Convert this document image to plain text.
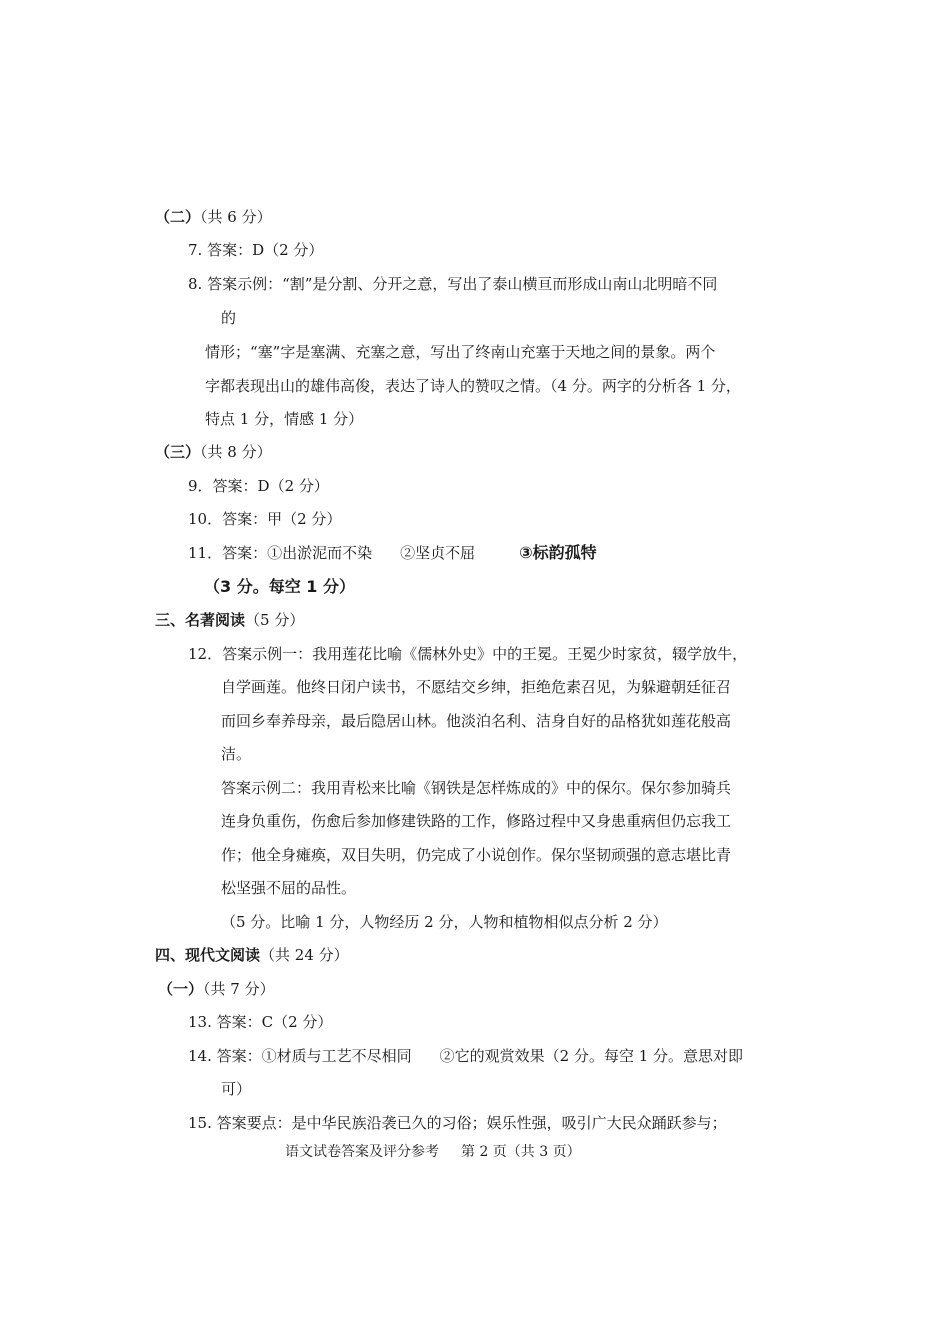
（二）（共 6 分）
7. 答案：D（2 分）
8. 答案示例：“割”是分割、分开之意，写出了泰山横亘而形成山南山北明暗不同
的
情形；“塞”字是塞满、充塞之意，写出了终南山充塞于天地之间的景象。两个
字都表现出山的雄伟高俊，表达了诗人的赞叹之情。（4 分。两字的分析各 1 分，
特点 1 分，情感 1 分）
（三）（共 8 分）
9．答案：D（2 分）
10．答案：甲（2 分）
11．答案：①出淤泥而不染 ②坚贞不屈	③标韵孤特
（3 分。每空 1 分）
三、名著阅读（5 分）
12．答案示例一：我用莲花比喻《儒林外史》中的王冕。王冕少时家贫，辍学放牛，
自学画莲。他终日闭户读书，不愿结交乡绅，拒绝危素召见，为躲避朝廷征召
而回乡奉养母亲，最后隐居山林。他淡泊名利、洁身自好的品格犹如莲花般高
洁。
答案示例二：我用青松来比喻《钢铁是怎样炼成的》中的保尔。保尔参加骑兵
连身负重伤，伤愈后参加修建铁路的工作，修路过程中又身患重病但仍忘我工
作；他全身瘫痪，双目失明，仍完成了小说创作。保尔坚韧顽强的意志堪比青
松坚强不屈的品性。
（5 分。比喻 1 分，人物经历 2 分，人物和植物相似点分析 2 分）
四、现代文阅读（共 24 分）
（一）（共 7 分）
13. 答案：C（2 分）
14. 答案：①材质与工艺不尽相同 ②它的观赏效果（2 分。每空 1 分。意思对即
可）
15. 答案要点：是中华民族沿袭已久的习俗；娱乐性强，吸引广大民众踊跃参与；
语文试卷答案及评分参考 第 2 页（共 3 页）
